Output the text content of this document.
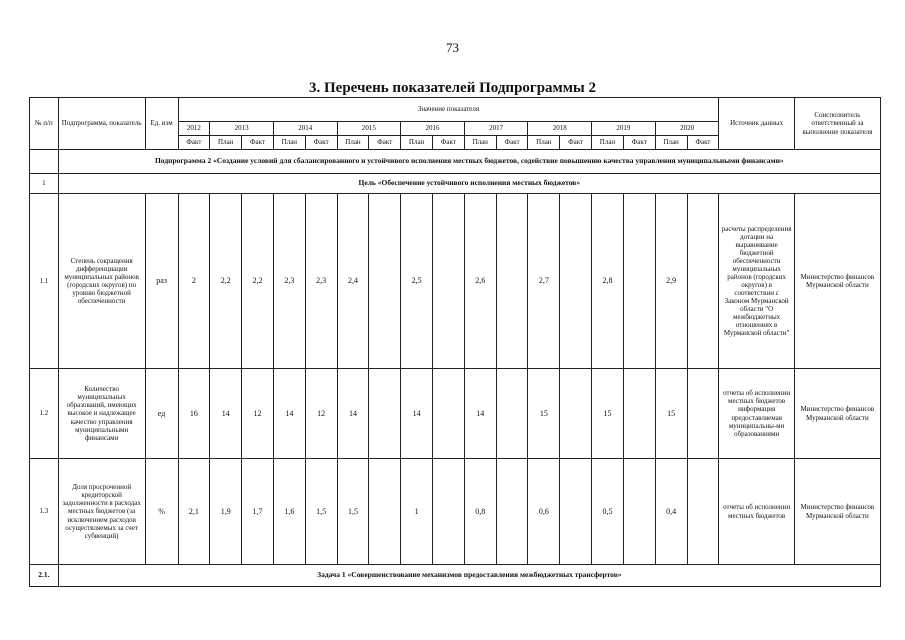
73
3. Перечень показателей Подпрограммы 2
№ п/п	Подпрограмма, показатель	Ед. изм	Значение показателя																	Источник данных	Соисполнитель ответственный за выполнение показателя
			2012	2013		2014		2015		2016		2017		2018		2019		2020			
			Факт	План	Факт	План	Факт	План	Факт	План	Факт	План	Факт	План	Факт	План	Факт	План	Факт		
	Подпрограмма 2 «Создание условий для сбалансированного и устойчивого исполнения местных бюджетов, содействие повышению качества управления муниципальными финансами»																				
1	Цель «Обеспечение устойчивого исполнения местных бюджетов»																				
1.1	Степень сокращения дифференциации муниципальных районов (городских округов) по уровню бюджетной обеспеченности	раз	2	2,2	2,2	2,3	2,3	2,4		2,5		2,6		2,7		2,8		2,9		расчеты распределения дотации на выравнивание бюджетной обеспеченности муниципальных районов (городских округов) в соответствии с Законом Мурманской области "О межбюджетных отношениях в Мурманской области"	Министерство финансов Мурманской области
1.2	Количество муниципальных образований, имеющих высокое и надлежащее качество управления муниципальными финансами	ед	16	14	12	14	12	14		14		14		15		15		15		отчеты об исполнении местных бюджетов информация предоставляемая муниципальны-ми образованиями	Министерство финансов Мурманской области
1.3	Доля просроченной кредиторской задолженности в расходах местных бюджетов (за исключением расходов осуществляемых за счет субвенций)	%	2,1	1,9	1,7	1,6	1,5	1,5		1		0,8		0,6		0,5		0,4		отчеты об исполнении местных бюджетов	Министерство финансов Мурманской области
2.1.	Задача 1 «Совершенствование механизмов предоставления межбюджетных трансфертов»																				
